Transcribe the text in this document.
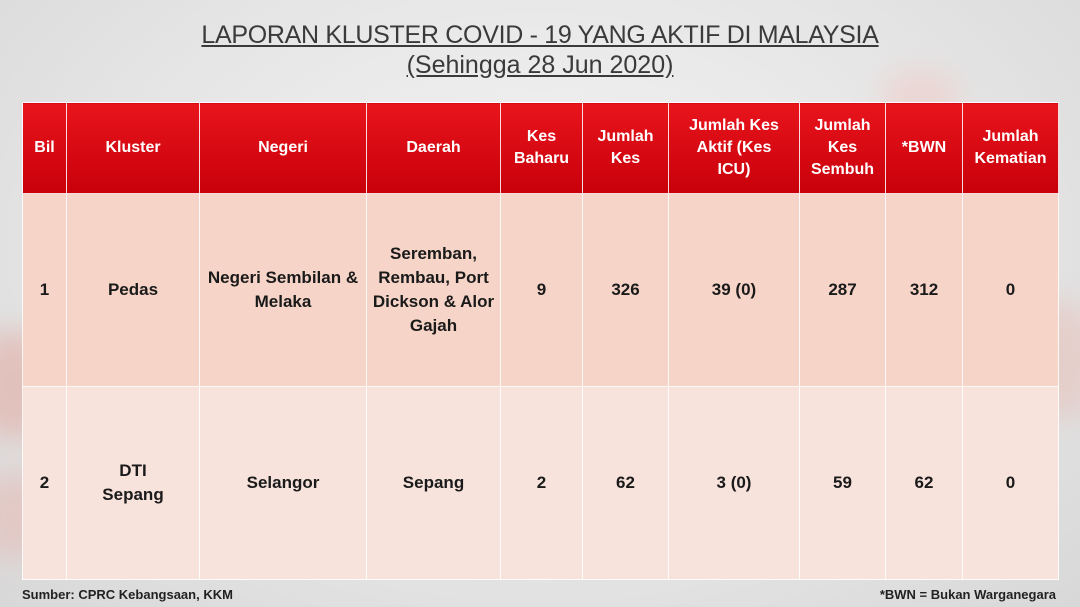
LAPORAN KLUSTER COVID - 19 YANG AKTIF DI MALAYSIA
(Sehingga 28 Jun 2020)
Bil	Kluster	Negeri	Daerah	Kes Baharu	Jumlah Kes	Jumlah Kes Aktif (Kes ICU)	Jumlah Kes Sembuh	*BWN	Jumlah Kematian
1	Pedas	Negeri Sembilan & Melaka	Seremban, Rembau, Port Dickson & Alor Gajah	9	326	39 (0)	287	312	0
2	DTI Sepang	Selangor	Sepang	2	62	3 (0)	59	62	0
Sumber: CPRC Kebangsaan, KKM	*BWN = Bukan Warganegara
